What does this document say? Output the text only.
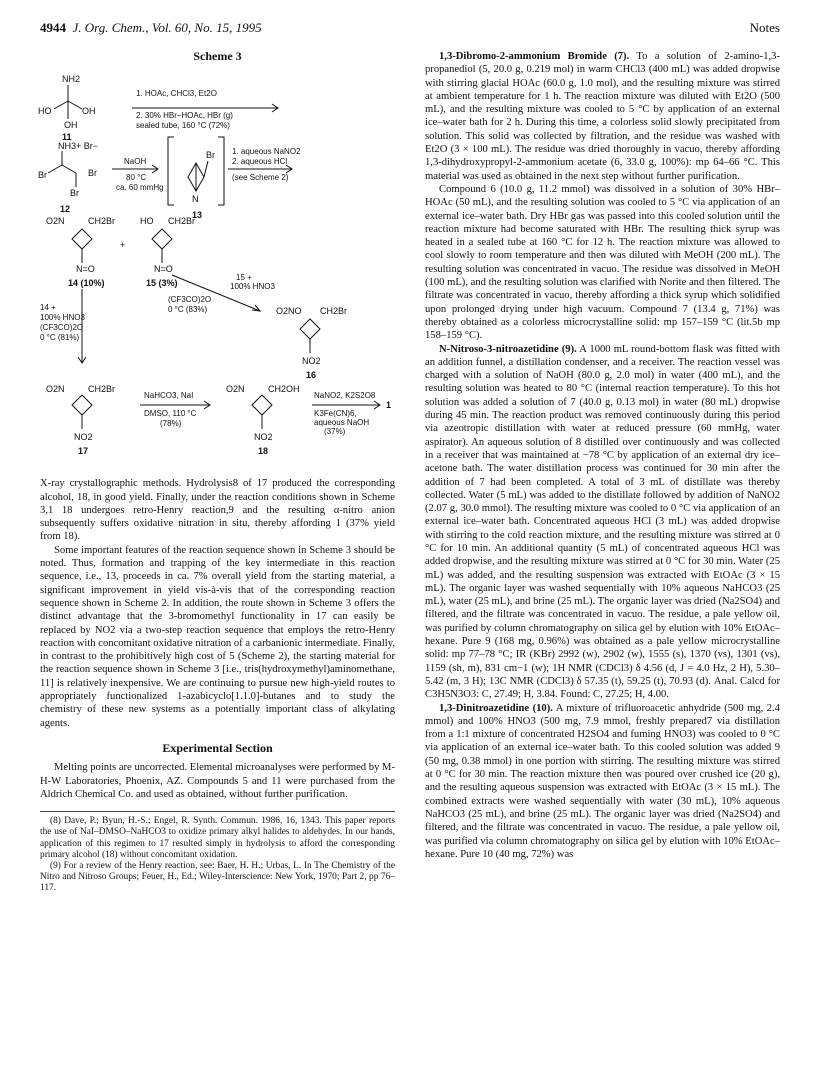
4944 J. Org. Chem., Vol. 60, No. 15, 1995	Notes
Scheme 3
NH2
HO	OH
OH
11
1. HOAc, CHCl3, Et2O
2. 30% HBr–HOAc, HBr (g)
sealed tube, 160 °C (72%)
NH3+ Br−
Br	Br
Br
12
NaOH
80 °C
ca. 60 mmHg
Br
N
13
1. aqueous NaNO2
2. aqueous HCl
(see Scheme 2)
O2N	CH2Br
N=O
14 (10%)
+
HO CH2Br
N=O
15 (3%)
15 +
100% HNO3
(CF3CO)2O
0 °C (83%)	O2NO CH2Br
NO2
16
14 +
100% HNO3
(CF3CO)2O
0 °C (81%)
O2N	CH2Br
NO2
17
NaHCO3, NaI
DMSO, 110 °C
(78%)
O2N	CH2OH
NO2
18
NaNO2, K2S2O8
K3Fe(CN)6,
aqueous NaOH
(37%)
1

X-ray crystallographic methods. Hydrolysis8 of 17 produced the corresponding alcohol, 18, in good yield. Finally, under the reaction conditions shown in Scheme 3,1 18 undergoes retro-Henry reaction,9 and the resulting α-nitro anion subsequently suffers oxidative nitration in situ, thereby affording 1 (37% yield from 18).

Some important features of the reaction sequence shown in Scheme 3 should be noted. Thus, formation and trapping of the key intermediate in this reaction sequence, i.e., 13, proceeds in ca. 7% overall yield from the starting material, a significant improvement in yield vis-à-vis that of the corresponding reaction sequence shown in Scheme 2. In addition, the route shown in Scheme 3 offers the distinct advantage that the 3-bromomethyl functionality in 17 can easily be replaced by NO2 via a two-step reaction sequence that employs the retro-Henry reaction with concomitant oxidative nitration of a carbanionic intermediate. Finally, in contrast to the prohibitively high cost of 5 (Scheme 2), the starting material for the reaction sequence shown in Scheme 3 [i.e., tris(hydroxymethyl)aminomethane, 11] is relatively inexpensive. We are continuing to pursue new high-yield routes to appropriately functionalized 1-azabicyclo[1.1.0]-butanes and to study the chemistry of these new systems as a potentially important class of alkylating agents.

Experimental Section

Melting points are uncorrected. Elemental microanalyses were performed by M-H-W Laboratories, Phoenix, AZ. Compounds 5 and 11 were purchased from the Aldrich Chemical Co. and used as obtained, without further purification.

(8) Dave, P.; Byun, H.-S.; Engel, R. Synth. Commun. 1986, 16, 1343. This paper reports the use of NaI–DMSO–NaHCO3 to oxidize primary alkyl halides to aldehydes. In our hands, application of this regimen to 17 resulted simply in hydrolysis to afford the corresponding primary alcohol (18) without concomitant oxidation.

(9) For a review of the Henry reaction, see: Baer, H. H.; Urbas, L. In The Chemistry of the Nitro and Nitroso Groups; Feuer, H., Ed.; Wiley-Interscience: New York, 1970; Part 2, pp 76–117.

1,3-Dibromo-2-ammonium Bromide (7). To a solution of 2-amino-1,3-propanediol (5, 20.0 g, 0.219 mol) in warm CHCl3 (400 mL) was added dropwise with stirring glacial HOAc (60.0 g, 1.0 mol), and the resulting mixture was stirred at ambient temperature for 1 h. The reaction mixture was diluted with Et2O (500 mL), and the resulting mixture was cooled to 5 °C by application of an external ice–water bath for 2 h. During this time, a colorless solid slowly precipitated from solution. This solid was collected by filtration, and the residue was washed with Et2O (3 × 100 mL). The residue was dried thoroughly in vacuo, thereby affording 1,3-dihydroxypropyl-2-ammonium acetate (6, 33.0 g, 100%): mp 64–66 °C. This material was used as obtained in the next step without further purification.

Compound 6 (10.0 g, 11.2 mmol) was dissolved in a solution of 30% HBr–HOAc (50 mL), and the resulting solution was cooled to 5 °C via application of an external ice–water bath. Dry HBr gas was passed into this cooled solution until the reaction mixture had become saturated with HBr. The resulting thick syrup was heated in a sealed tube at 160 °C for 12 h. The reaction mixture was allowed to cool slowly to room temperature and then was diluted with MeOH (200 mL). The resulting solution was concentrated in vacuo. The residue was dissolved in MeOH (100 mL), and the resulting solution was clarified with Norite and then filtered. The filtrate was concentrated in vacuo, thereby affording a thick syrup which solidified upon prolonged drying under high vacuum. Compound 7 (13.4 g, 71%) was thereby obtained as a colorless microcrystalline solid: mp 157–159 °C (lit.5b mp 158–159 °C).

N-Nitroso-3-nitroazetidine (9). A 1000 mL round-bottom flask was fitted with an addition funnel, a distillation condenser, and a receiver. The reaction vessel was charged with a solution of NaOH (80.0 g, 2.0 mol) in water (400 mL), and the resulting solution was heated to 80 °C (internal reaction temperature). To this hot solution was added a solution of 7 (40.0 g, 0.13 mol) in water (80 mL) dropwise during 45 min. The reaction product was removed continuously during this period via azeotropic distillation with water at reduced pressure (60 mmHg, water aspirator). An aqueous solution of 8 distilled over continuously and was collected in a receiver that was maintained at −78 °C by application of an external dry ice–acetone bath. The water distillation process was continued for 30 min after the addition of 7 had been completed. A total of 3 mL of distillate was thereby collected. Water (5 mL) was added to the distillate followed by addition of NaNO2 (2.07 g, 30.0 mmol). The resulting mixture was cooled to 0 °C via application of an external ice–water bath. Concentrated aqueous HCl (3 mL) was added dropwise with stirring to the cold reaction mixture, and the resulting mixture was stirred at 0 °C for 10 min. An additional quantity (5 mL) of concentrated aqueous HCl was added dropwise, and the resulting mixture was stirred at 0 °C for 30 min. Water (25 mL) was added, and the resulting suspension was extracted with EtOAc (3 × 15 mL). The organic layer was washed sequentially with 10% aqueous NaHCO3 (25 mL), water (25 mL), and brine (25 mL). The organic layer was dried (Na2SO4) and filtered, and the filtrate was concentrated in vacuo. The residue, a pale yellow oil, was purified by column chromatography on silica gel by elution with 10% EtOAc–hexane. Pure 9 (168 mg, 0.96%) was obtained as a pale yellow microcrystalline solid: mp 77–78 °C; IR (KBr) 2992 (w), 2902 (w), 1555 (s), 1370 (vs), 1301 (vs), 1159 (sh, m), 831 cm−1 (w); 1H NMR (CDCl3) δ 4.56 (d, J = 4.0 Hz, 2 H), 5.30–5.42 (m, 3 H); 13C NMR (CDCl3) δ 57.35 (t), 59.25 (t), 70.93 (d). Anal. Calcd for C3H5N3O3: C, 27.49; H, 3.84. Found: C, 27.25; H, 4.00.

1,3-Dinitroazetidine (10). A mixture of trifluoroacetic anhydride (500 mg, 2.4 mmol) and 100% HNO3 (500 mg, 7.9 mmol, freshly prepared7 via distillation from a 1:1 mixture of concentrated H2SO4 and fuming HNO3) was cooled to 0 °C via application of an external ice–water bath. To this cooled solution was added 9 (50 mg, 0.38 mmol) in one portion with stirring. The resulting mixture was stirred at 0 °C for 30 min. The reaction mixture then was poured over crushed ice (20 g), and the resulting aqueous suspension was extracted with EtOAc (3 × 15 mL). The combined extracts were washed sequentially with water (30 mL), 10% aqueous NaHCO3 (25 mL), and brine (25 mL). The organic layer was dried (Na2SO4) and filtered, and the filtrate was concentrated in vacuo. The residue, a pale yellow oil, was purified via column chromatography on silica gel by elution with 10% EtOAc–hexane. Pure 10 (40 mg, 72%) was
